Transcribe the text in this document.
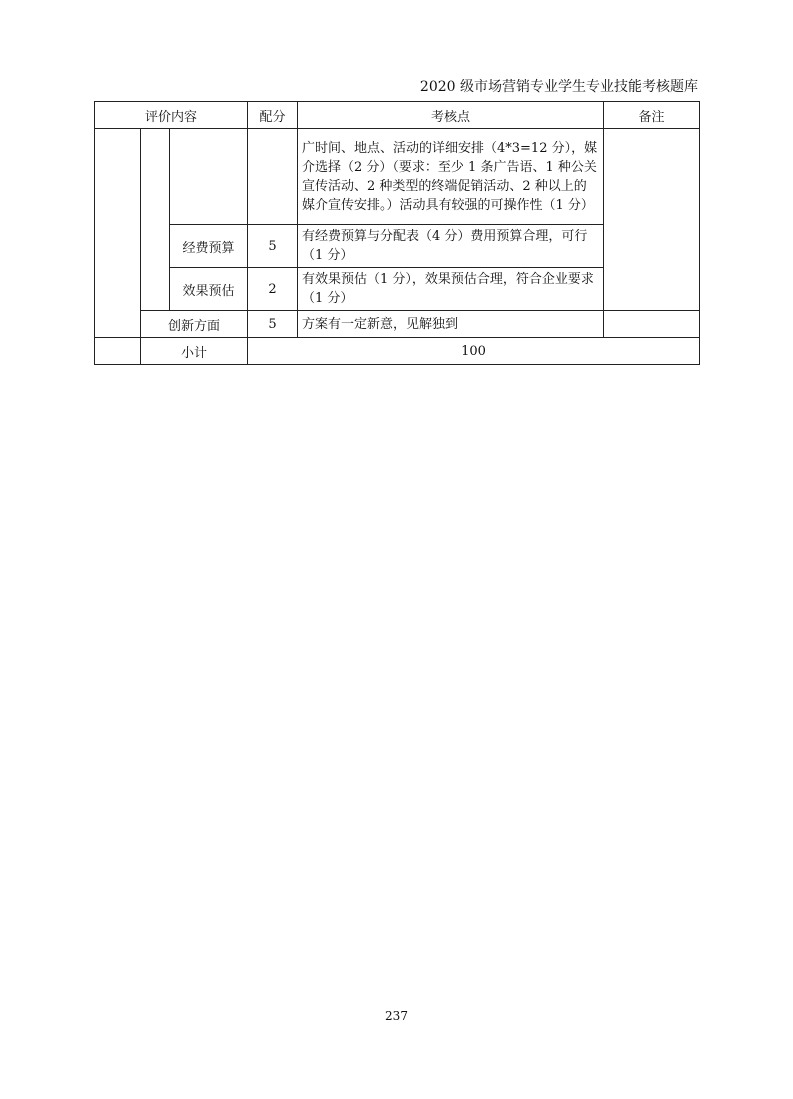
2020 级市场营销专业学生专业技能考核题库
评价内容			配分	考核点	备注
				广时间、地点、活动的详细安排（4*3=12 分），媒介选择（2 分）（要求：至少 1 条广告语、1 种公关宣传活动、2 种类型的终端促销活动、2 种以上的媒介宣传安排。）活动具有较强的可操作性（1 分）	
		经费预算	5	有经费预算与分配表（4 分）费用预算合理，可行（1 分）	
		效果预估	2	有效果预估（1 分），效果预估合理，符合企业要求（1 分）	
	创新方面		5	方案有一定新意，见解独到	
	小计		100		
237
